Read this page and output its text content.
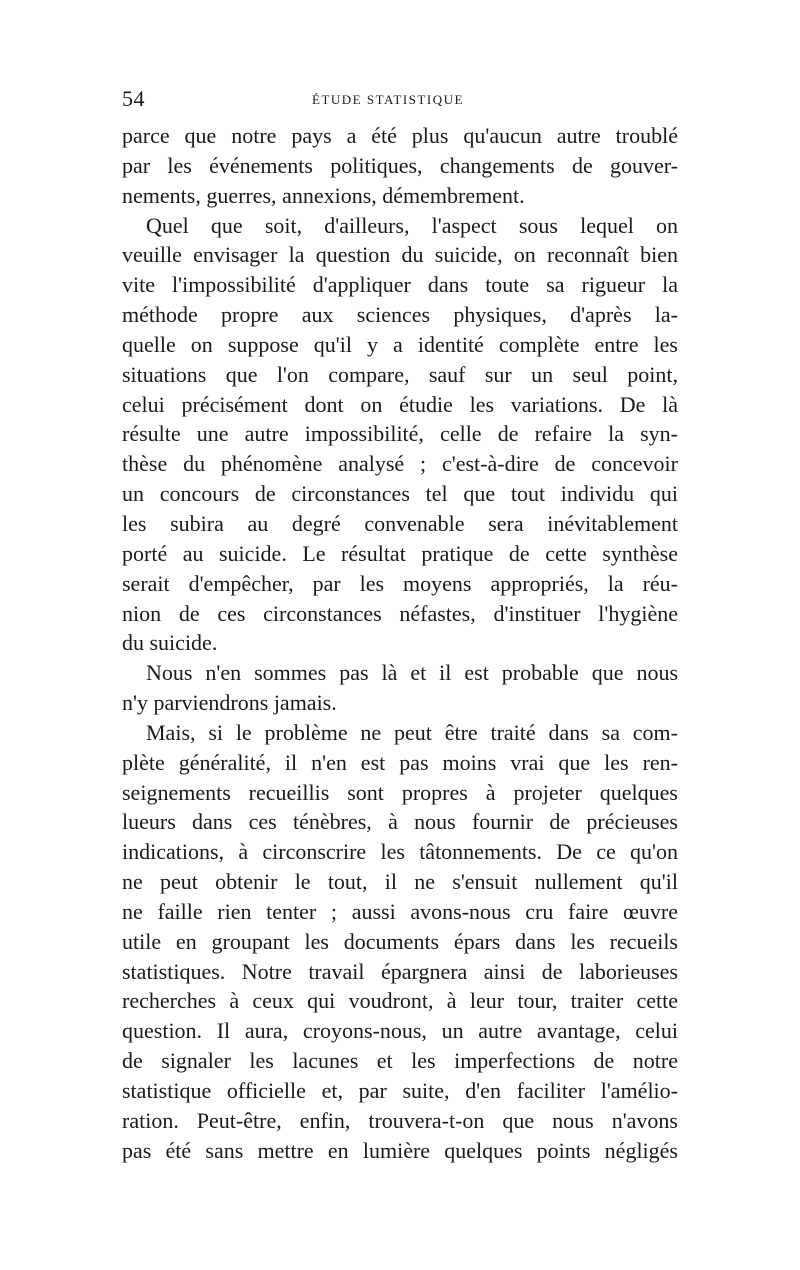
54	ÉTUDE STATISTIQUE
parce que notre pays a été plus qu'aucun autre troublé
par les événements politiques, changements de gouver-
nements, guerres, annexions, démembrement.
Quel que soit, d'ailleurs, l'aspect sous lequel on
veuille envisager la question du suicide, on reconnaît bien
vite l'impossibilité d'appliquer dans toute sa rigueur la
méthode propre aux sciences physiques, d'après la-
quelle on suppose qu'il y a identité complète entre les
situations que l'on compare, sauf sur un seul point,
celui précisément dont on étudie les variations. De là
résulte une autre impossibilité, celle de refaire la syn-
thèse du phénomène analysé ; c'est-à-dire de concevoir
un concours de circonstances tel que tout individu qui
les subira au degré convenable sera inévitablement
porté au suicide. Le résultat pratique de cette synthèse
serait d'empêcher, par les moyens appropriés, la réu-
nion de ces circonstances néfastes, d'instituer l'hygiène
du suicide.
Nous n'en sommes pas là et il est probable que nous
n'y parviendrons jamais.
Mais, si le problème ne peut être traité dans sa com-
plète généralité, il n'en est pas moins vrai que les ren-
seignements recueillis sont propres à projeter quelques
lueurs dans ces ténèbres, à nous fournir de précieuses
indications, à circonscrire les tâtonnements. De ce qu'on
ne peut obtenir le tout, il ne s'ensuit nullement qu'il
ne faille rien tenter ; aussi avons-nous cru faire œuvre
utile en groupant les documents épars dans les recueils
statistiques. Notre travail épargnera ainsi de laborieuses
recherches à ceux qui voudront, à leur tour, traiter cette
question. Il aura, croyons-nous, un autre avantage, celui
de signaler les lacunes et les imperfections de notre
statistique officielle et, par suite, d'en faciliter l'amélio-
ration. Peut-être, enfin, trouvera-t-on que nous n'avons
pas été sans mettre en lumière quelques points négligés
